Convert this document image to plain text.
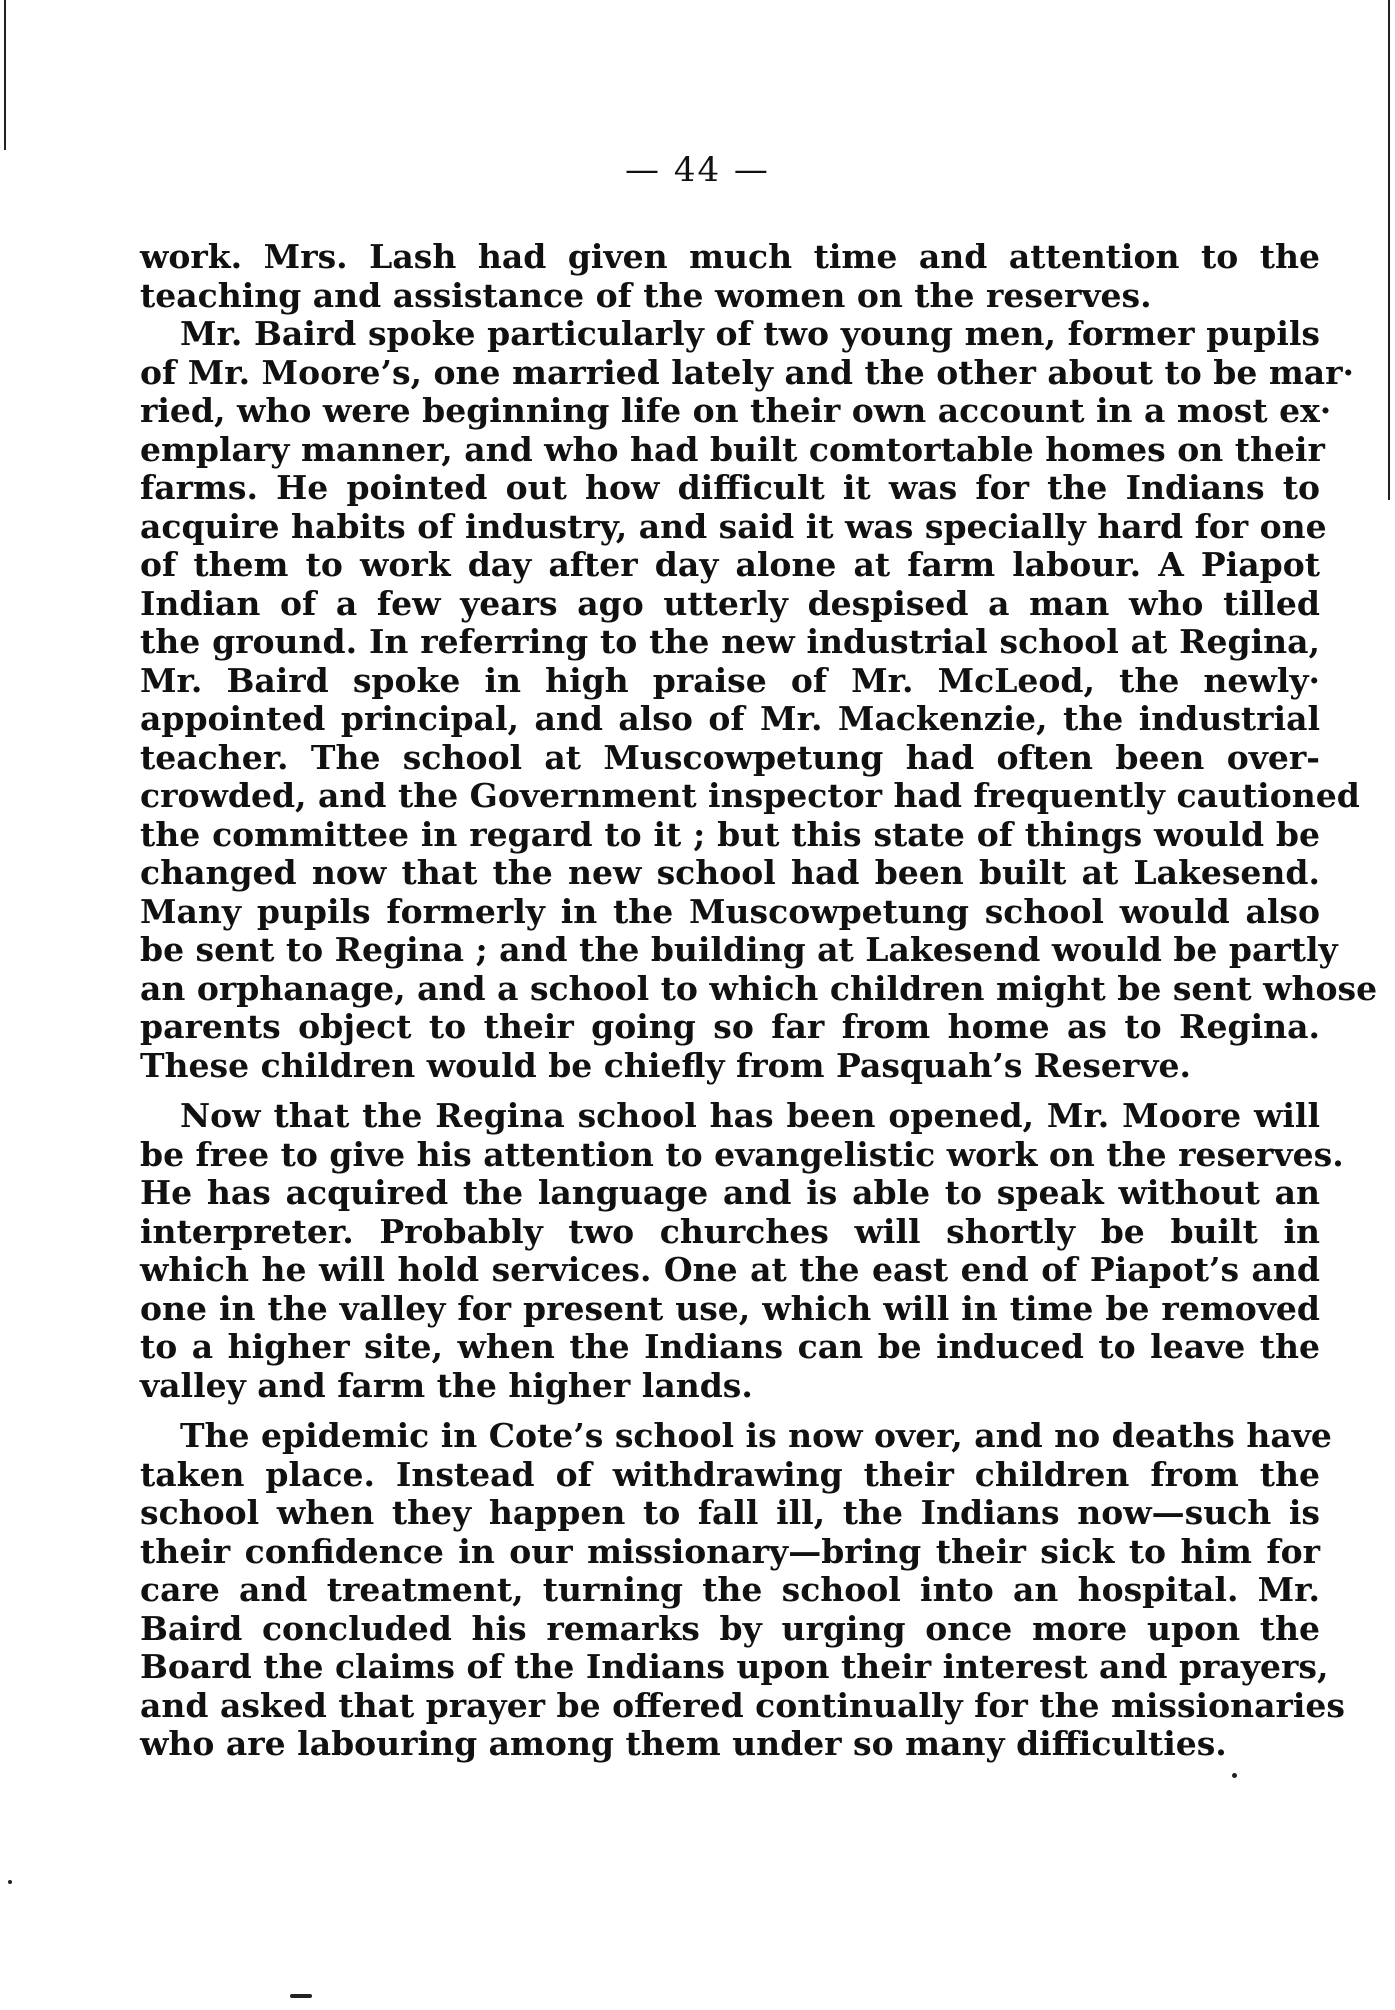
— 44 —
work. Mrs. Lash had given much time and attention to the
teaching and assistance of the women on the reserves.
Mr. Baird spoke particularly of two young men, former pupils
of Mr. Moore’s, one married lately and the other about to be mar·
ried, who were beginning life on their own account in a most ex·
emplary manner, and who had built comtortable homes on their
farms. He pointed out how difficult it was for the Indians to
acquire habits of industry, and said it was specially hard for one
of them to work day after day alone at farm labour. A Piapot
Indian of a few years ago utterly despised a man who tilled
the ground. In referring to the new industrial school at Regina,
Mr. Baird spoke in high praise of Mr. McLeod, the newly·
appointed principal, and also of Mr. Mackenzie, the industrial
teacher. The school at Muscowpetung had often been over-
crowded, and the Government inspector had frequently cautioned
the committee in regard to it ; but this state of things would be
changed now that the new school had been built at Lakesend.
Many pupils formerly in the Muscowpetung school would also
be sent to Regina ; and the building at Lakesend would be partly
an orphanage, and a school to which children might be sent whose
parents object to their going so far from home as to Regina.
These children would be chiefly from Pasquah’s Reserve.
Now that the Regina school has been opened, Mr. Moore will
be free to give his attention to evangelistic work on the reserves.
He has acquired the language and is able to speak without an
interpreter. Probably two churches will shortly be built in
which he will hold services. One at the east end of Piapot’s and
one in the valley for present use, which will in time be removed
to a higher site, when the Indians can be induced to leave the
valley and farm the higher lands.
The epidemic in Cote’s school is now over, and no deaths have
taken place. Instead of withdrawing their children from the
school when they happen to fall ill, the Indians now—such is
their confidence in our missionary—bring their sick to him for
care and treatment, turning the school into an hospital. Mr.
Baird concluded his remarks by urging once more upon the
Board the claims of the Indians upon their interest and prayers,
and asked that prayer be offered continually for the missionaries
who are labouring among them under so many difficulties.
